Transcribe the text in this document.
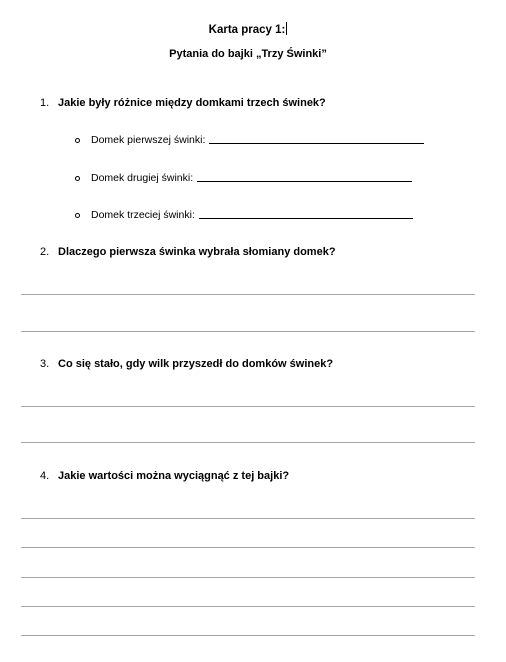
Karta pracy 1:
Pytania do bajki „Trzy Świnki”
1. Jakie były różnice między domkami trzech świnek?
Domek pierwszej świnki:
Domek drugiej świnki:
Domek trzeciej świnki:
2. Dlaczego pierwsza świnka wybrała słomiany domek?
3. Co się stało, gdy wilk przyszedł do domków świnek?
4. Jakie wartości można wyciągnąć z tej bajki?
